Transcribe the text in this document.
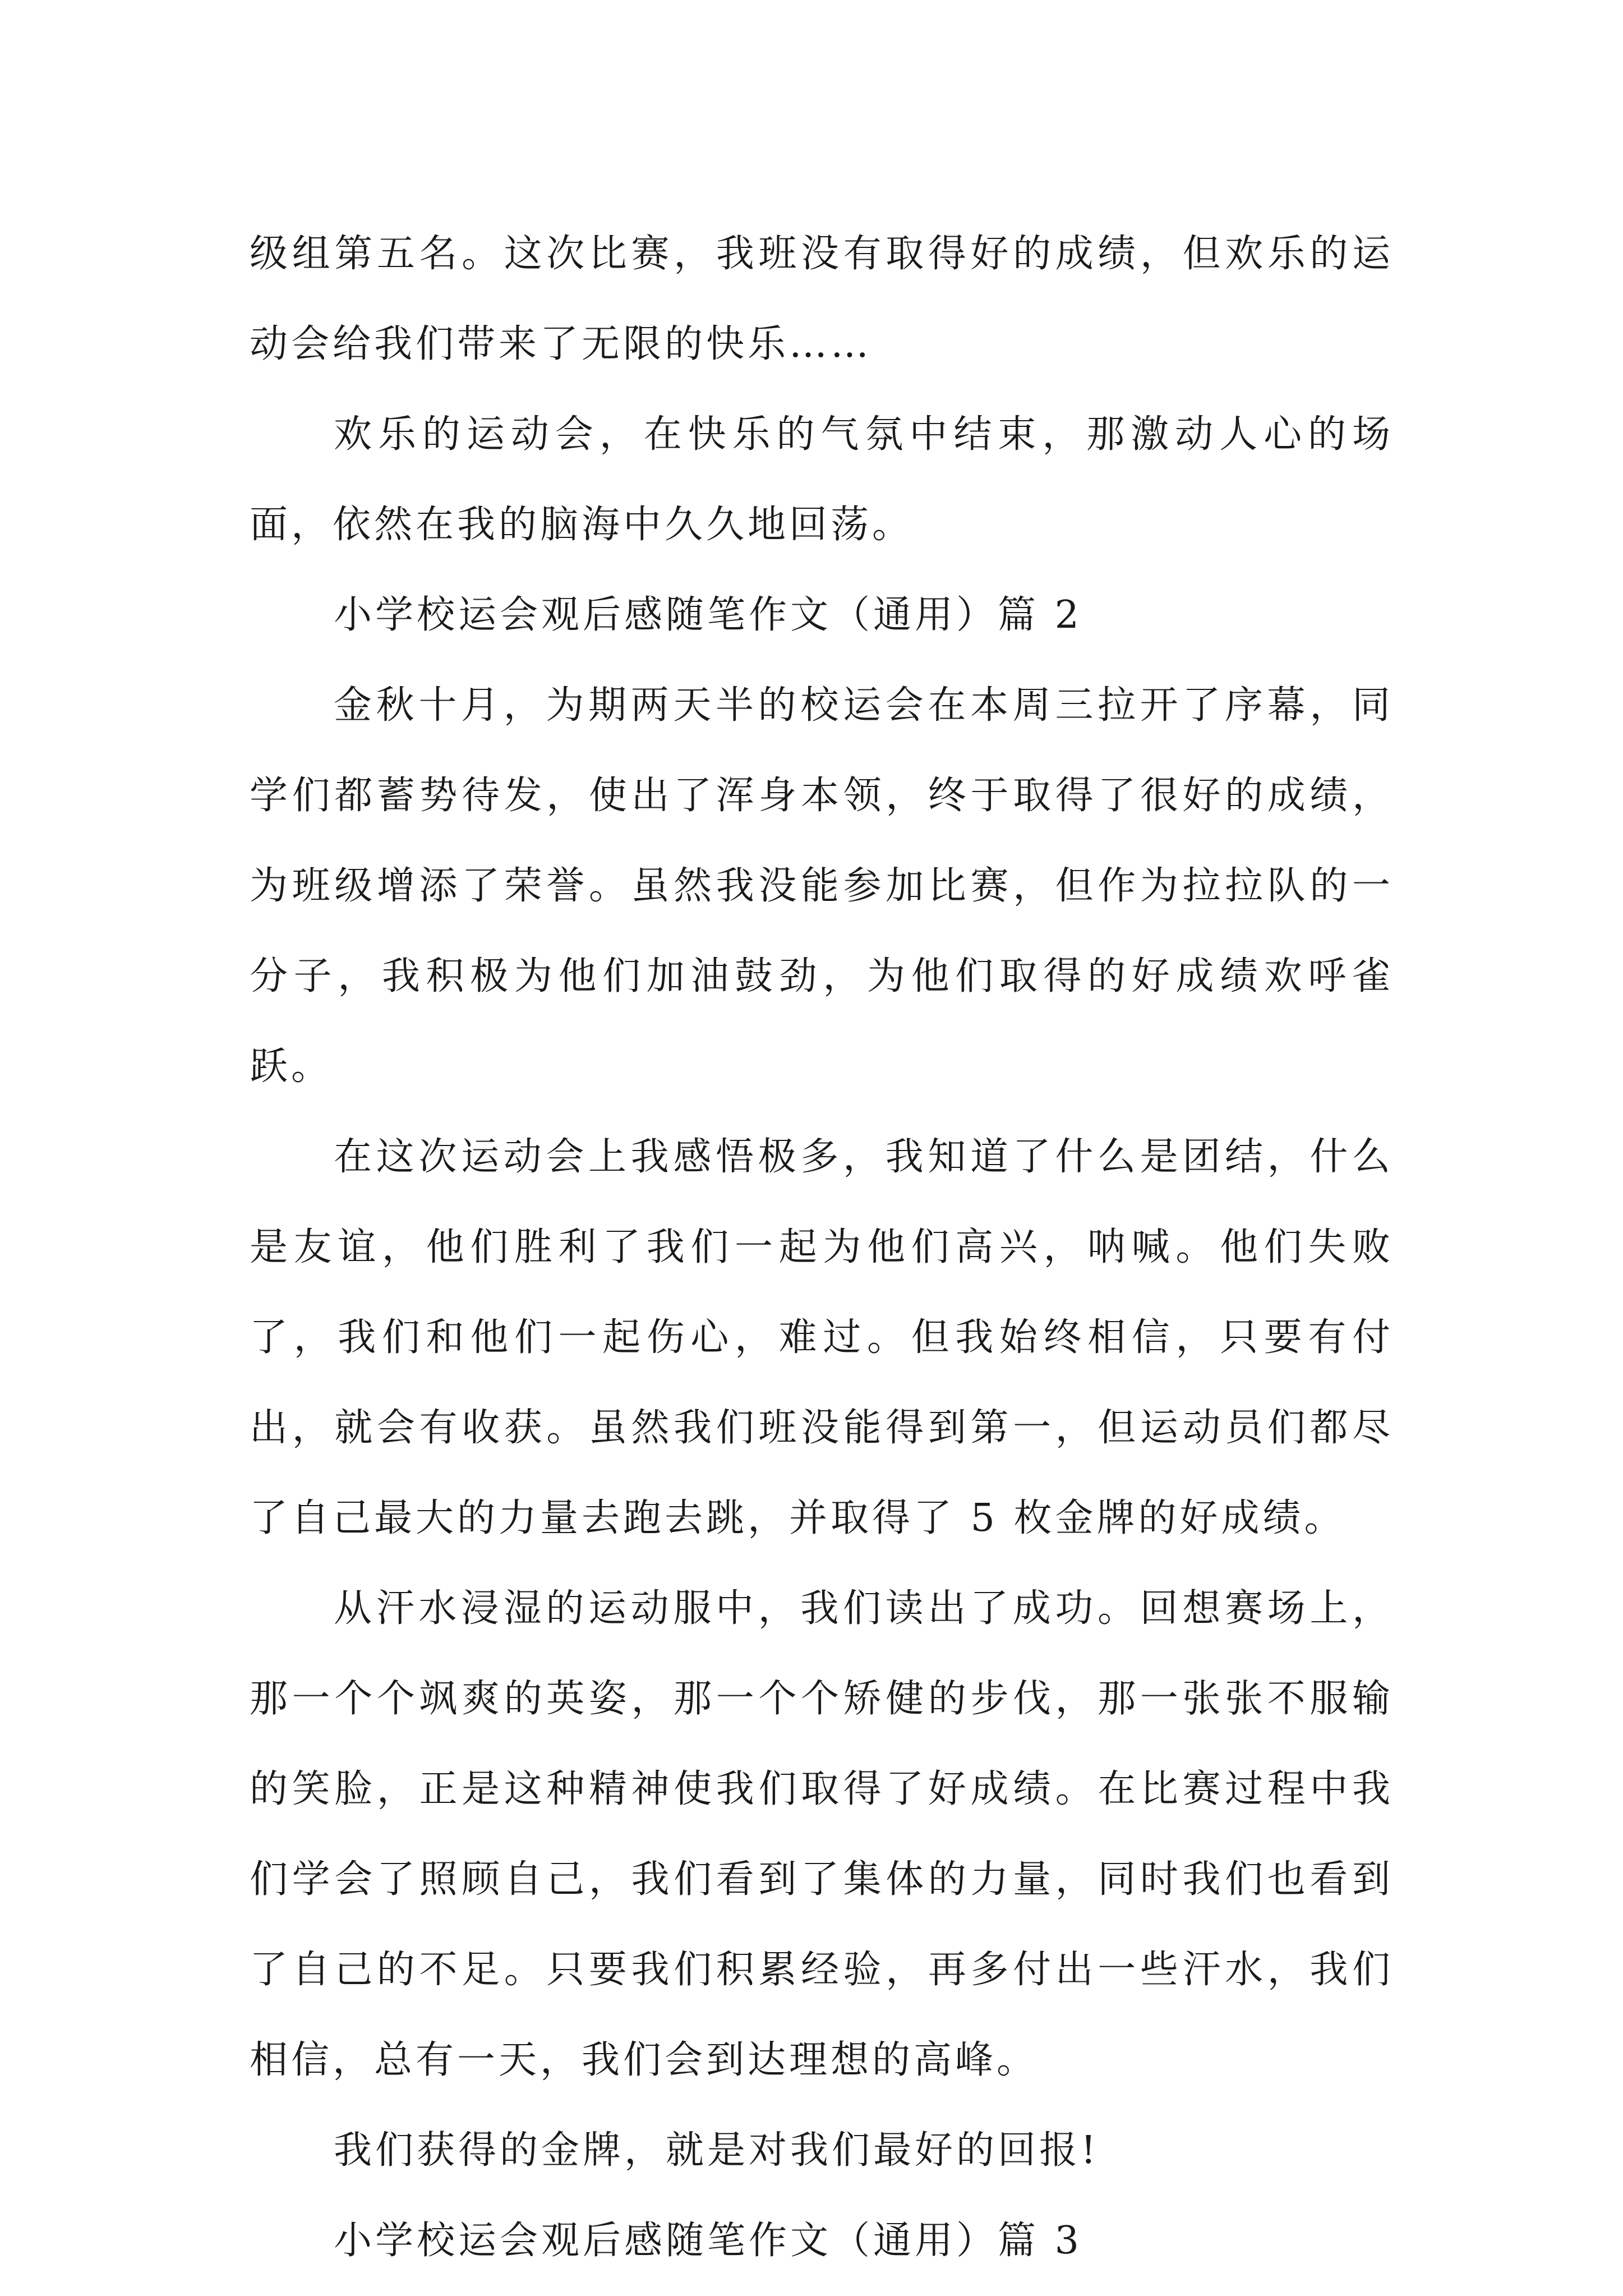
级组第五名。这次比赛，我班没有取得好的成绩，但欢乐的运动会给我们带来了无限的快乐……

欢乐的运动会，在快乐的气氛中结束，那激动人心的场面，依然在我的脑海中久久地回荡。

小学校运会观后感随笔作文（通用）篇 2

金秋十月，为期两天半的校运会在本周三拉开了序幕，同学们都蓄势待发，使出了浑身本领，终于取得了很好的成绩，为班级增添了荣誉。虽然我没能参加比赛，但作为拉拉队的一分子，我积极为他们加油鼓劲，为他们取得的好成绩欢呼雀跃。

在这次运动会上我感悟极多，我知道了什么是团结，什么是友谊，他们胜利了我们一起为他们高兴，呐喊。他们失败了，我们和他们一起伤心，难过。但我始终相信，只要有付出，就会有收获。虽然我们班没能得到第一，但运动员们都尽了自己最大的力量去跑去跳，并取得了 5 枚金牌的好成绩。

从汗水浸湿的运动服中，我们读出了成功。回想赛场上，那一个个飒爽的英姿，那一个个矫健的步伐，那一张张不服输的笑脸，正是这种精神使我们取得了好成绩。在比赛过程中我们学会了照顾自己，我们看到了集体的力量，同时我们也看到了自己的不足。只要我们积累经验，再多付出一些汗水，我们相信，总有一天，我们会到达理想的高峰。

我们获得的金牌，就是对我们最好的回报!

小学校运会观后感随笔作文（通用）篇 3
